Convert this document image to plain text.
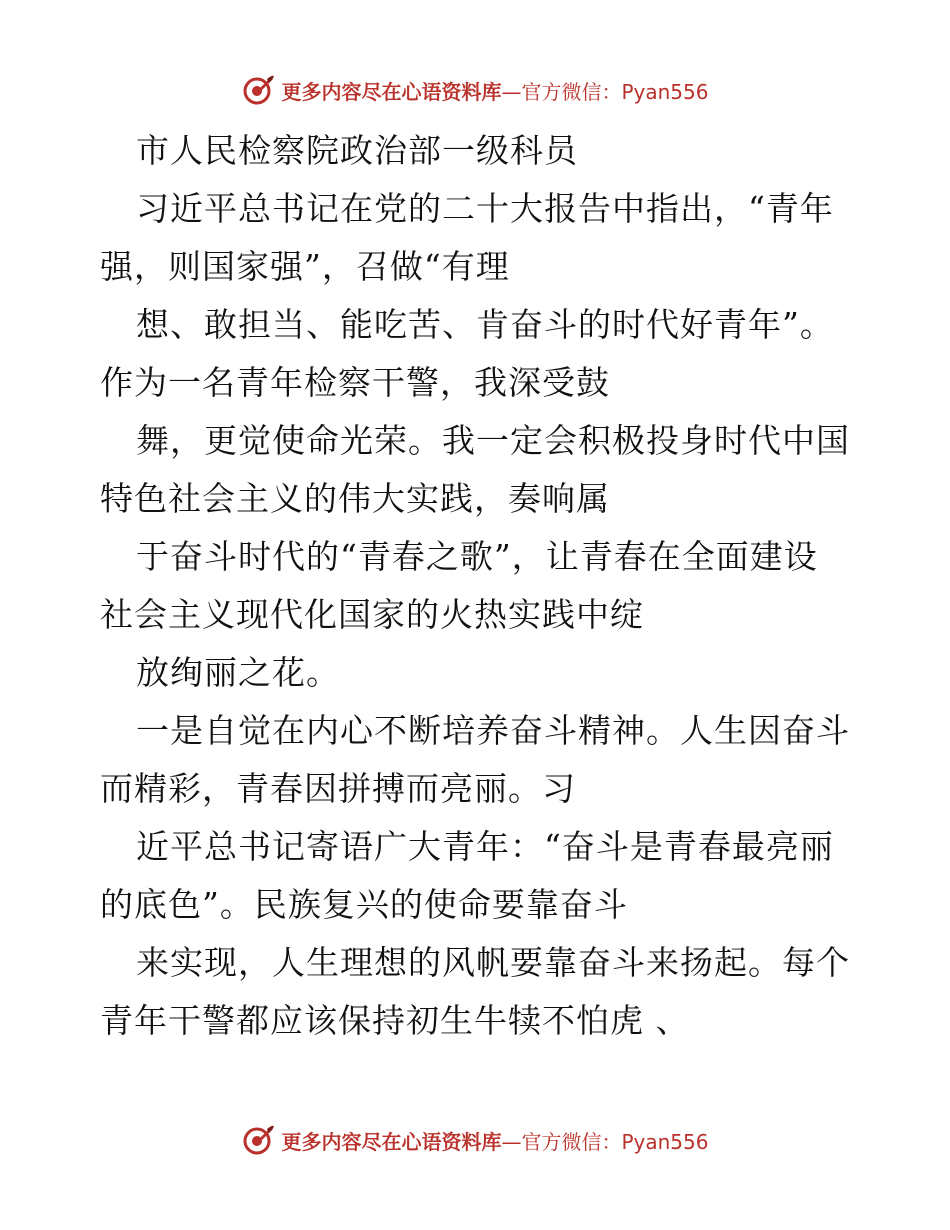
更多内容尽在心语资料库—官方微信：Pyan556
市人民检察院政治部一级科员
习近平总书记在党的二十大报告中指出，“青年
强，则国家强”，召做“有理
想、敢担当、能吃苦、肯奋斗的时代好青年”。
作为一名青年检察干警，我深受鼓
舞，更觉使命光荣。我一定会积极投身时代中国
特色社会主义的伟大实践，奏响属
于奋斗时代的“青春之歌”，让青春在全面建设
社会主义现代化国家的火热实践中绽
放绚丽之花。
一是自觉在内心不断培养奋斗精神。人生因奋斗
而精彩，青春因拼搏而亮丽。习
近平总书记寄语广大青年：“奋斗是青春最亮丽
的底色”。民族复兴的使命要靠奋斗
来实现，人生理想的风帆要靠奋斗来扬起。每个
青年干警都应该保持初生牛犊不怕虎 、
更多内容尽在心语资料库—官方微信：Pyan556
